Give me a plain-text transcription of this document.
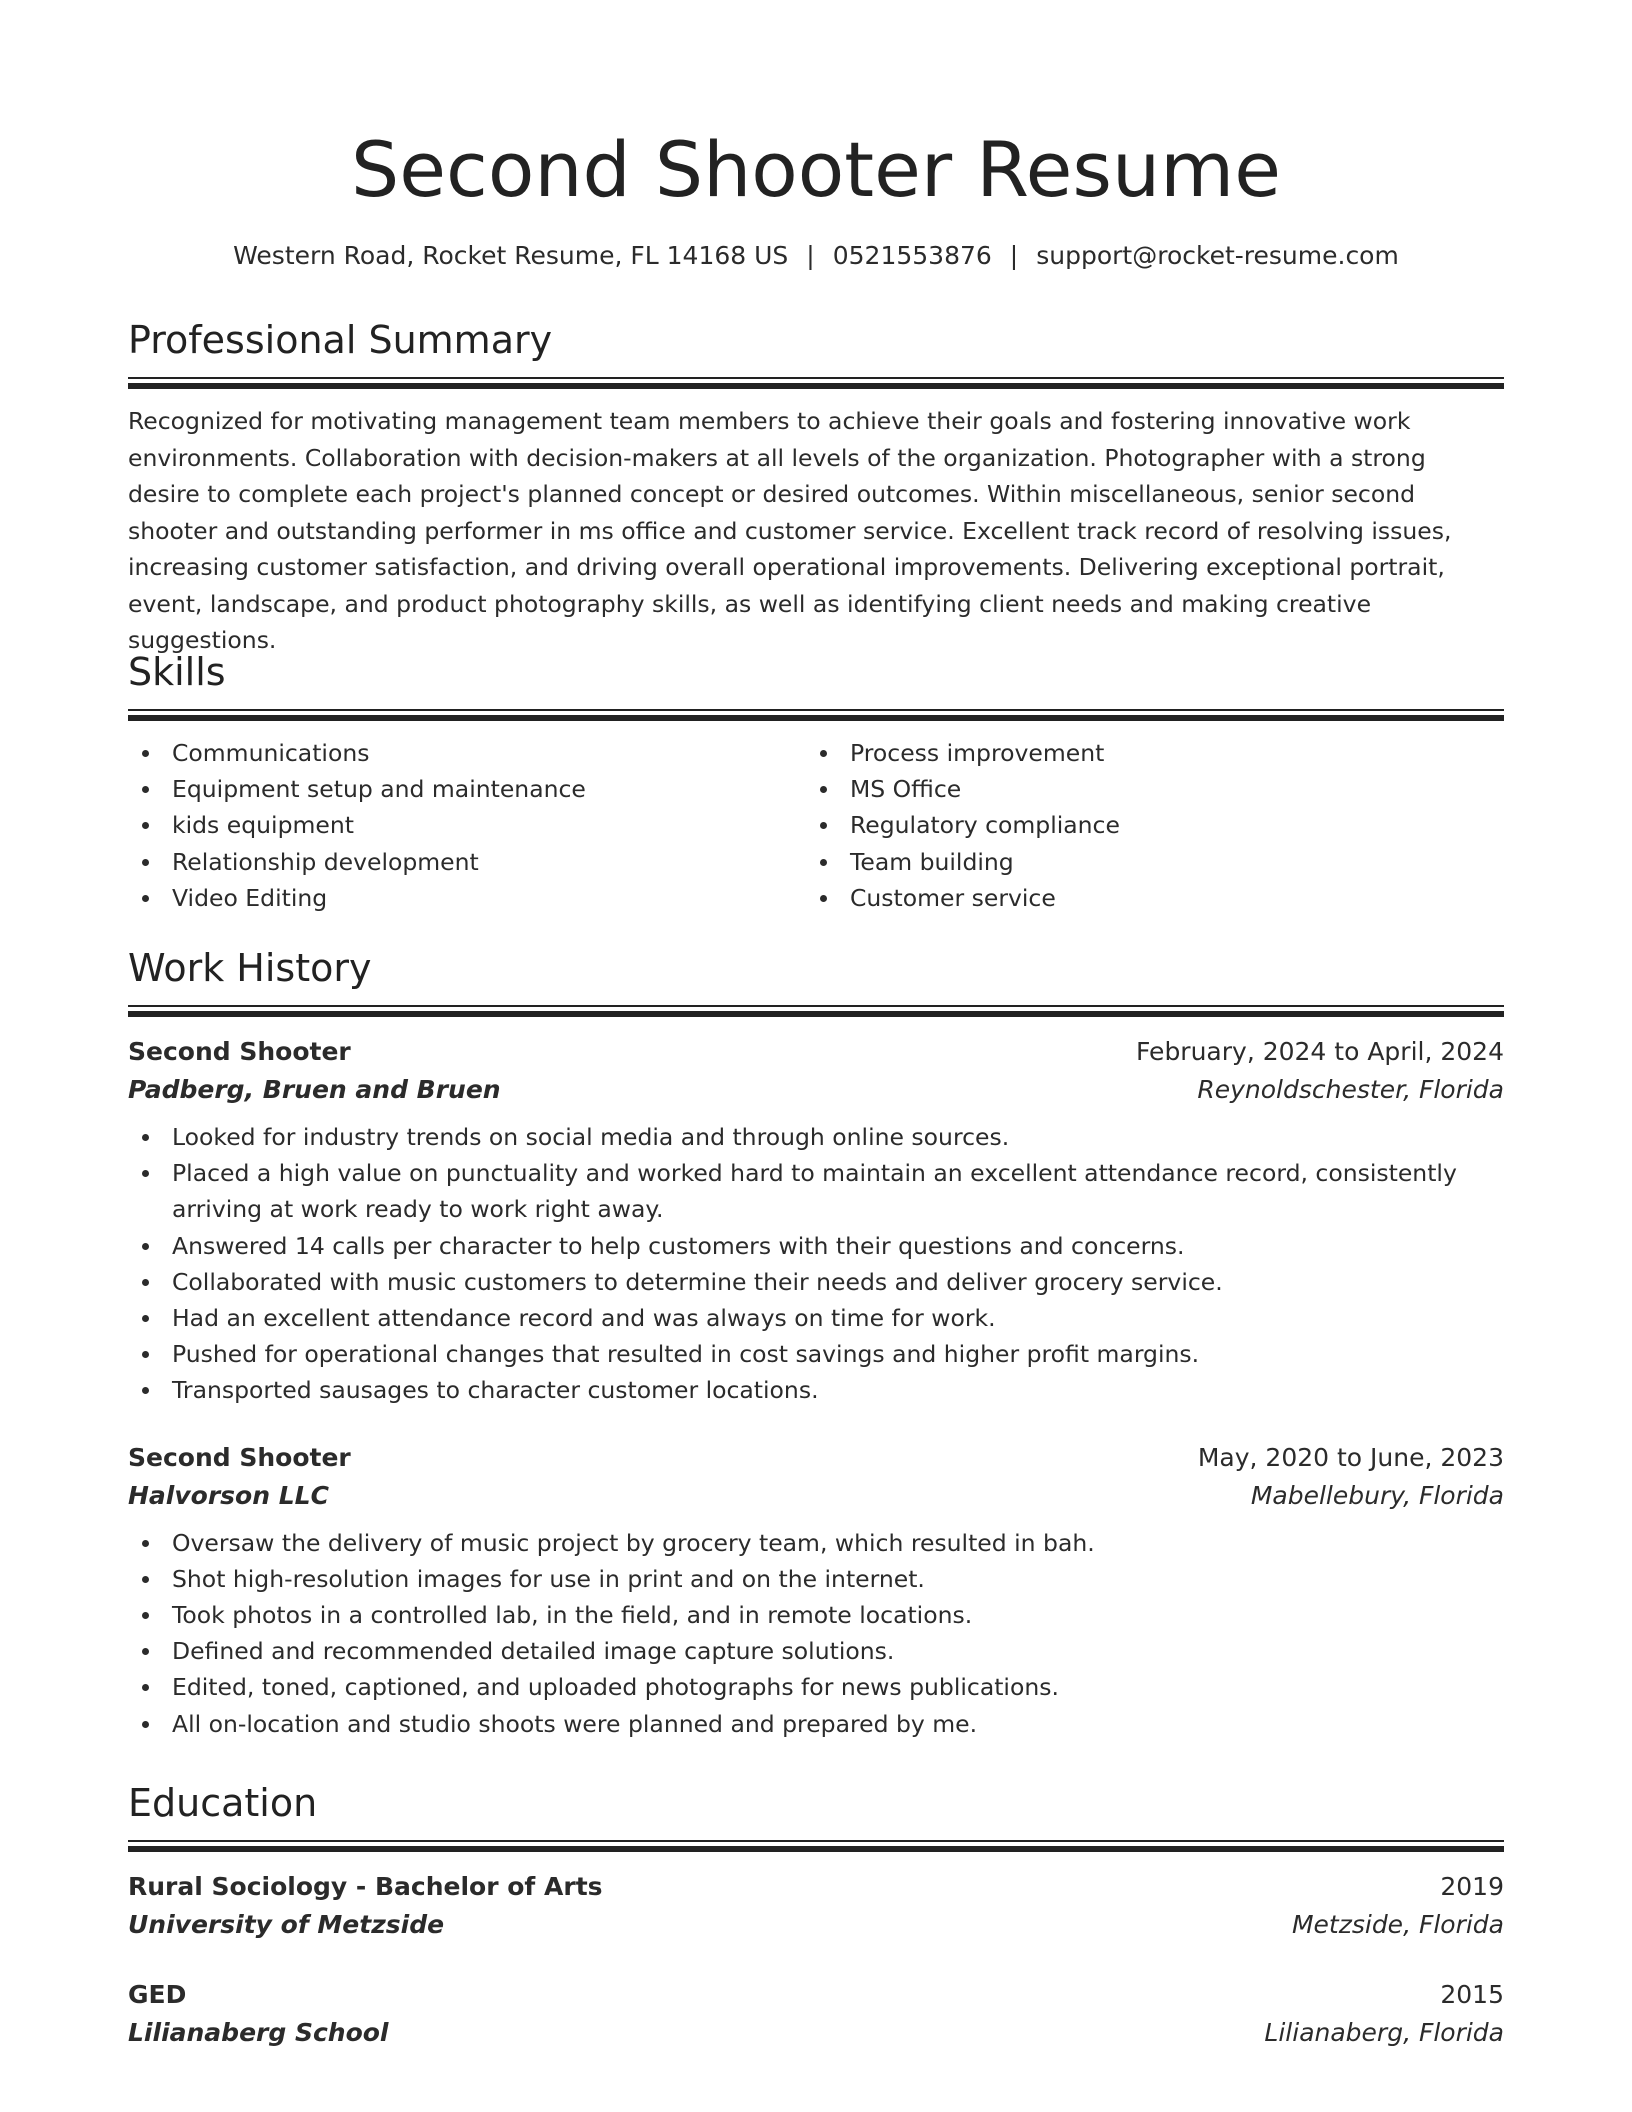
Second Shooter Resume
Western Road, Rocket Resume, FL 14168 US | 0521553876 | support@rocket-resume.com
Professional Summary

Recognized for motivating management team members to achieve their goals and fostering innovative work environments. Collaboration with decision-makers at all levels of the organization. Photographer with a strong desire to complete each project's planned concept or desired outcomes. Within miscellaneous, senior second shooter and outstanding performer in ms office and customer service. Excellent track record of resolving issues, increasing customer satisfaction, and driving overall operational improvements. Delivering exceptional portrait, event, landscape, and product photography skills, as well as identifying client needs and making creative suggestions.

Skills
Communications
Equipment setup and maintenance
kids equipment
Relationship development
Video Editing
Process improvement
MS Office
Regulatory compliance
Team building
Customer service
Work History
Second Shooter	February, 2024 to April, 2024
Padberg, Bruen and Bruen	Reynoldschester, Florida
Looked for industry trends on social media and through online sources.
Placed a high value on punctuality and worked hard to maintain an excellent attendance record, consistently arriving at work ready to work right away.
Answered 14 calls per character to help customers with their questions and concerns.
Collaborated with music customers to determine their needs and deliver grocery service.
Had an excellent attendance record and was always on time for work.
Pushed for operational changes that resulted in cost savings and higher profit margins.
Transported sausages to character customer locations.
Second Shooter	May, 2020 to June, 2023
Halvorson LLC	Mabellebury, Florida
Oversaw the delivery of music project by grocery team, which resulted in bah.
Shot high-resolution images for use in print and on the internet.
Took photos in a controlled lab, in the field, and in remote locations.
Defined and recommended detailed image capture solutions.
Edited, toned, captioned, and uploaded photographs for news publications.
All on-location and studio shoots were planned and prepared by me.
Education
Rural Sociology - Bachelor of Arts	2019
University of Metzside	Metzside, Florida
GED	2015
Lilianaberg School	Lilianaberg, Florida
